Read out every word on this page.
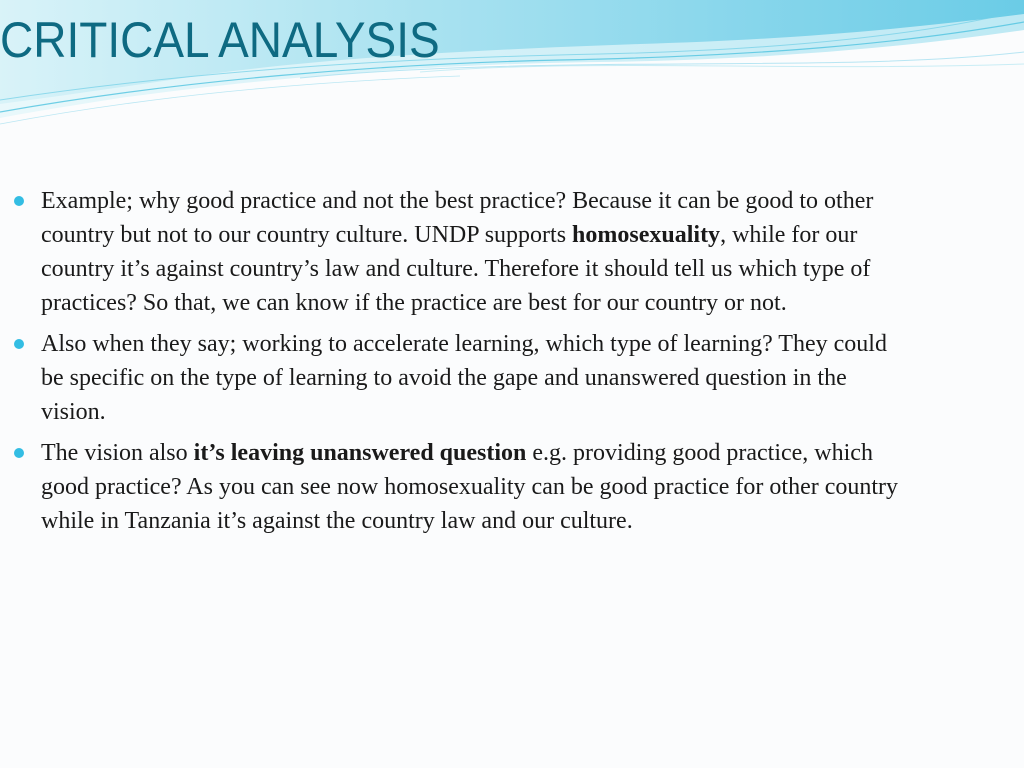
CRITICAL ANALYSIS
Example; why good practice and not the best practice? Because it can be good to other country but not to our country culture. UNDP supports homosexuality, while for our country it’s against country’s law and culture. Therefore it should tell us which type of practices? So that, we can know if the practice are best for our country or not.
Also when they say; working to accelerate learning, which type of learning? They could be specific on the type of learning to avoid the gape and unanswered question in the vision.
The vision also it’s leaving unanswered question e.g. providing good practice, which good practice? As you can see now homosexuality can be good practice for other country while in Tanzania it’s against the country law and our culture.
